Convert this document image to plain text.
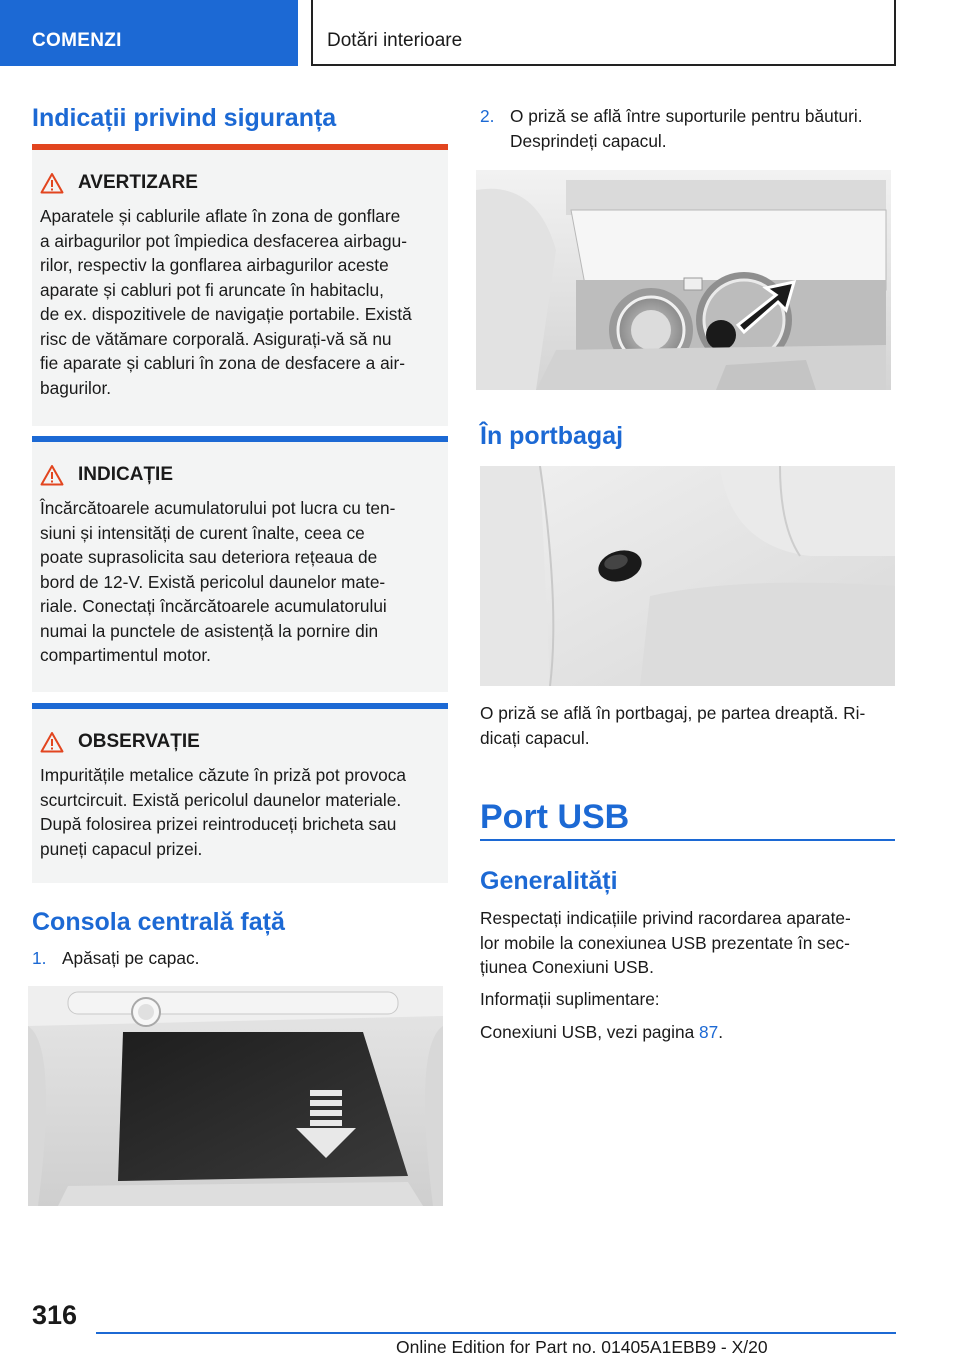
COMENZI	Dotări interioare
Indicații privind siguranța
AVERTIZARE
Aparatele și cablurile aflate în zona de gonflare
a airbagurilor pot împiedica desfacerea airbagu-
rilor, respectiv la gonflarea airbagurilor aceste
aparate și cabluri pot fi aruncate în habitaclu,
de ex. dispozitivele de navigație portabile. Există
risc de vătămare corporală. Asigurați-vă să nu
fie aparate și cabluri în zona de desfacere a air-
bagurilor.
INDICAȚIE
Încărcătoarele acumulatorului pot lucra cu ten-
siuni și intensități de curent înalte, ceea ce
poate suprasolicita sau deteriora rețeaua de
bord de 12-V. Există pericolul daunelor mate-
riale. Conectați încărcătoarele acumulatorului
numai la punctele de asistență la pornire din
compartimentul motor.
OBSERVAȚIE
Impuritățile metalice căzute în priză pot provoca
scurtcircuit. Există pericolul daunelor materiale.
După folosirea prizei reintroduceți bricheta sau
puneți capacul prizei.
Consola centrală față
1. Apăsați pe capac.
2. O priză se află între suporturile pentru băuturi.
Desprindeți capacul.
În portbagaj
O priză se află în portbagaj, pe partea dreaptă. Ri-
dicați capacul.
Port USB
Generalități
Respectați indicațiile privind racordarea aparate-
lor mobile la conexiunea USB prezentate în sec-
țiunea Conexiuni USB.
Informații suplimentare:
Conexiuni USB, vezi pagina 87.
316
Online Edition for Part no. 01405A1EBB9 - X/20
